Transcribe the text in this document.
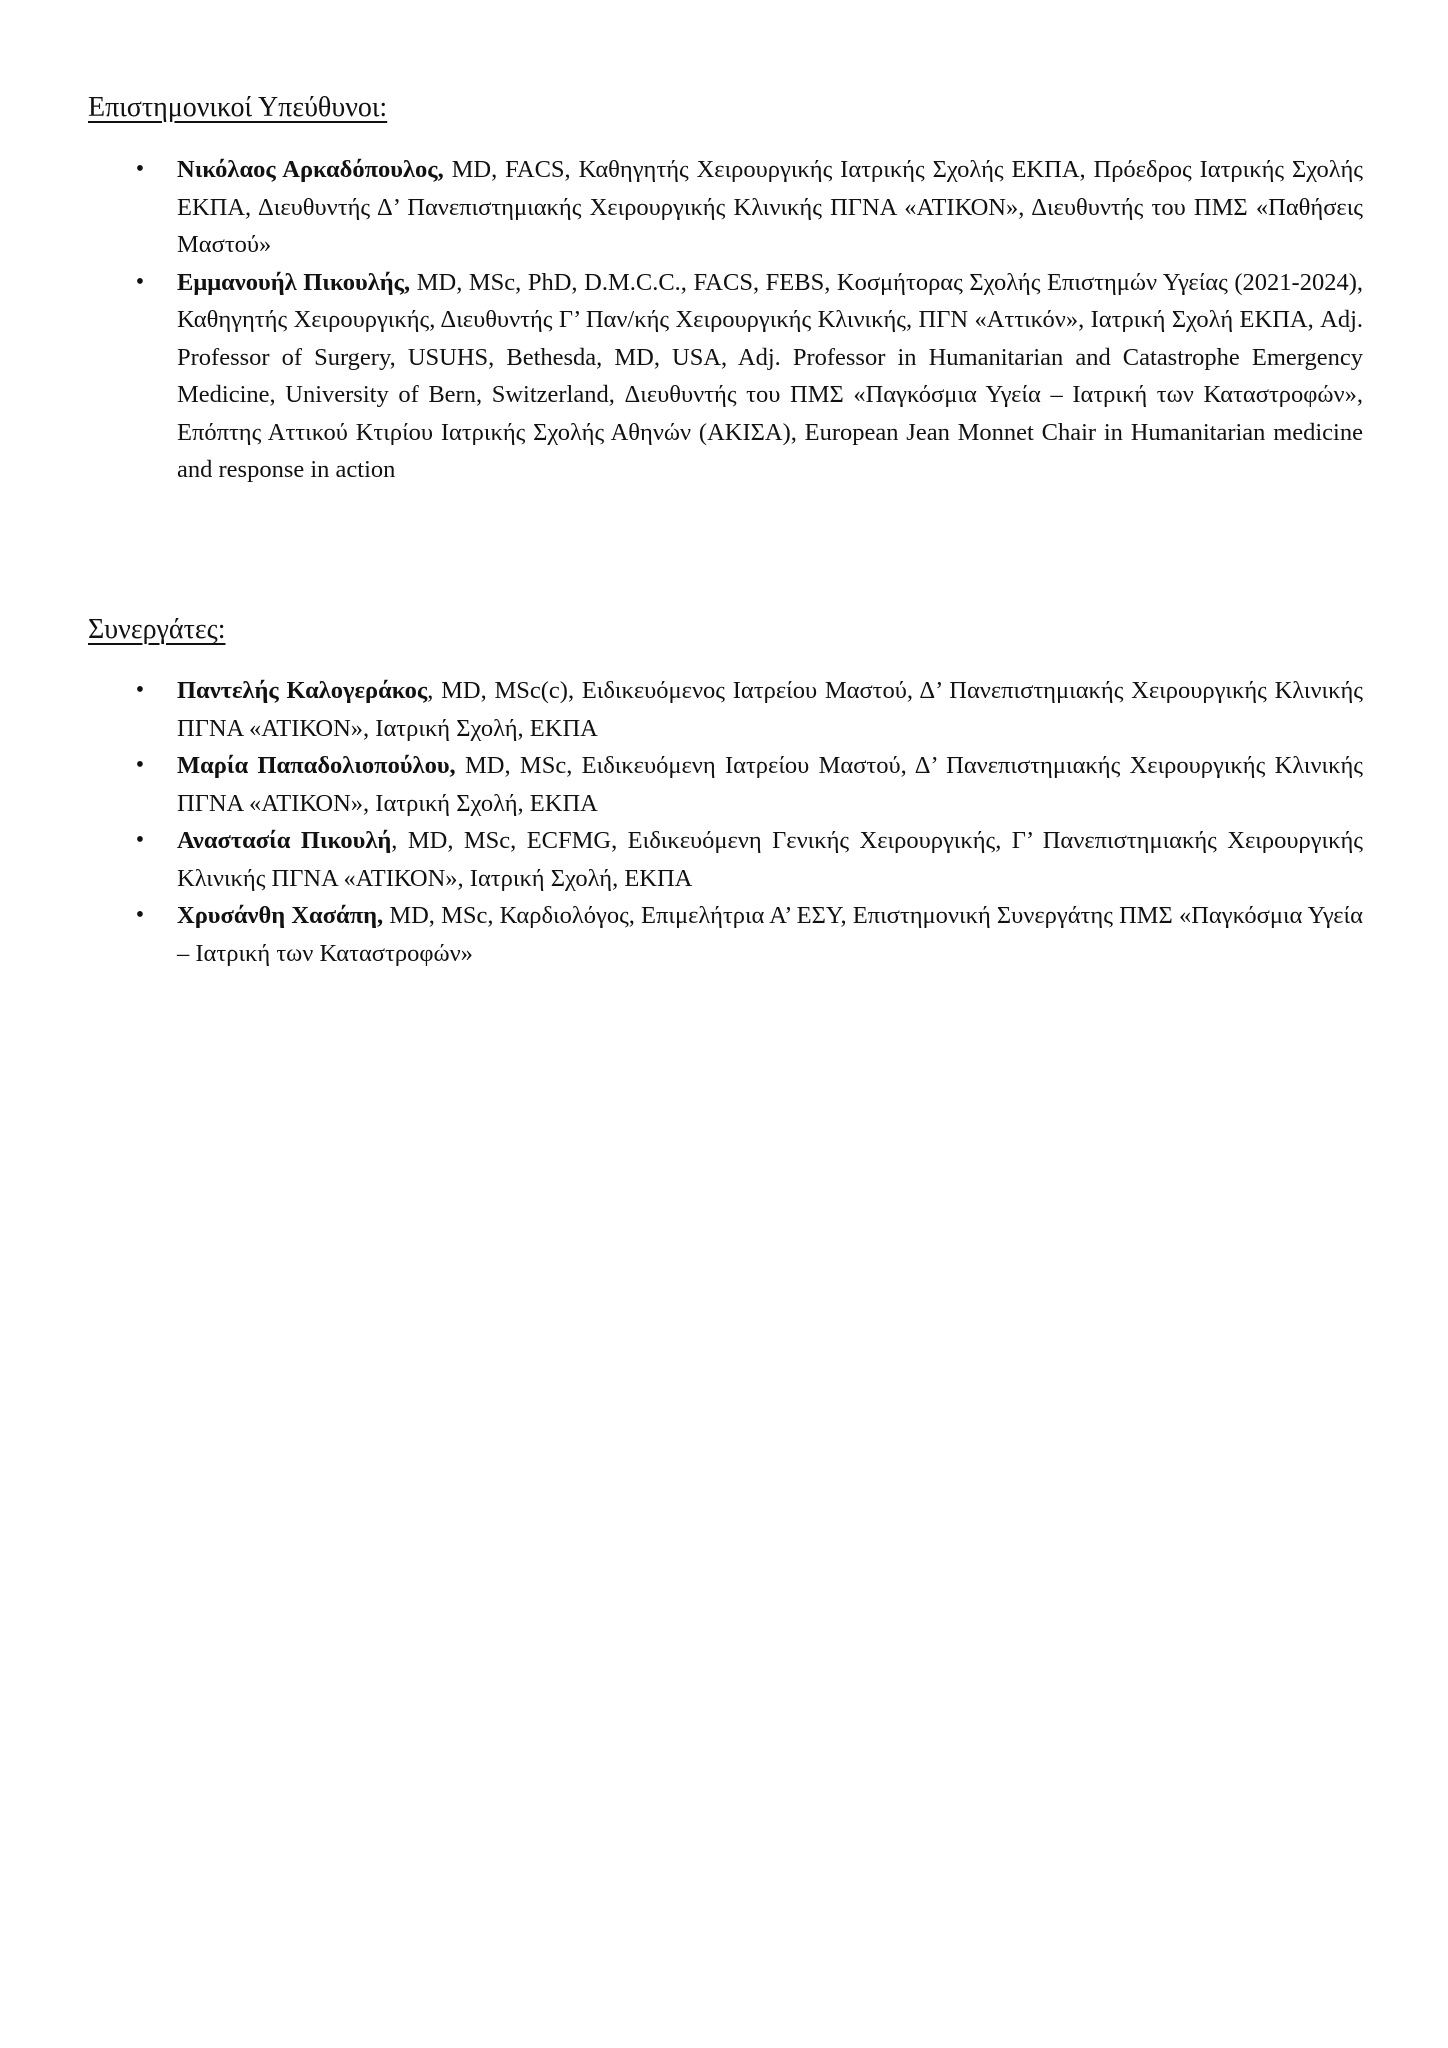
Επιστημονικοί Υπεύθυνοι:
• Νικόλαος Αρκαδόπουλος, MD, FACS, Καθηγητής Χειρουργικής Ιατρικής Σχολής ΕΚΠΑ, Πρόεδρος Ιατρικής Σχολής ΕΚΠΑ, Διευθυντής Δ’ Πανεπιστημιακής Χειρουργικής Κλινικής ΠΓΝΑ «ΑΤΙΚΟΝ», Διευθυντής του ΠΜΣ «Παθήσεις Μαστού»
• Εμμανουήλ Πικουλής, MD, MSc, PhD, D.M.C.C., FACS, FEBS, Κοσμήτορας Σχολής Επιστημών Υγείας (2021-2024), Καθηγητής Χειρουργικής, Διευθυντής Γ’ Παν/κής Χειρουργικής Κλινικής, ΠΓΝ «Αττικόν», Ιατρική Σχολή ΕΚΠΑ, Adj. Professor of Surgery, USUHS, Bethesda, MD, USA, Adj. Professor in Humanitarian and Catastrophe Emergency Medicine, University of Bern, Switzerland, Διευθυντής του ΠΜΣ «Παγκόσμια Υγεία – Ιατρική των Καταστροφών», Επόπτης Αττικού Κτιρίου Ιατρικής Σχολής Αθηνών (ΑΚΙΣΑ), European Jean Monnet Chair in Humanitarian medicine and response in action
Συνεργάτες:
• Παντελής Καλογεράκος, MD, MSc(c), Ειδικευόμενος Ιατρείου Μαστού, Δ’ Πανεπιστημιακής Χειρουργικής Κλινικής ΠΓΝΑ «ΑΤΙΚΟΝ», Ιατρική Σχολή, ΕΚΠΑ
• Μαρία Παπαδολιοπούλου, MD, MSc, Ειδικευόμενη Ιατρείου Μαστού, Δ’ Πανεπιστημιακής Χειρουργικής Κλινικής ΠΓΝΑ «ΑΤΙΚΟΝ», Ιατρική Σχολή, ΕΚΠΑ
• Αναστασία Πικουλή, MD, MSc, ECFMG, Ειδικευόμενη Γενικής Χειρουργικής, Γ’ Πανεπιστημιακής Χειρουργικής Κλινικής ΠΓΝΑ «ΑΤΙΚΟΝ», Ιατρική Σχολή, ΕΚΠΑ
• Χρυσάνθη Χασάπη, MD, MSc, Καρδιολόγος, Επιμελήτρια Α’ ΕΣΥ, Επιστημονική Συνεργάτης ΠΜΣ «Παγκόσμια Υγεία – Ιατρική των Καταστροφών»
